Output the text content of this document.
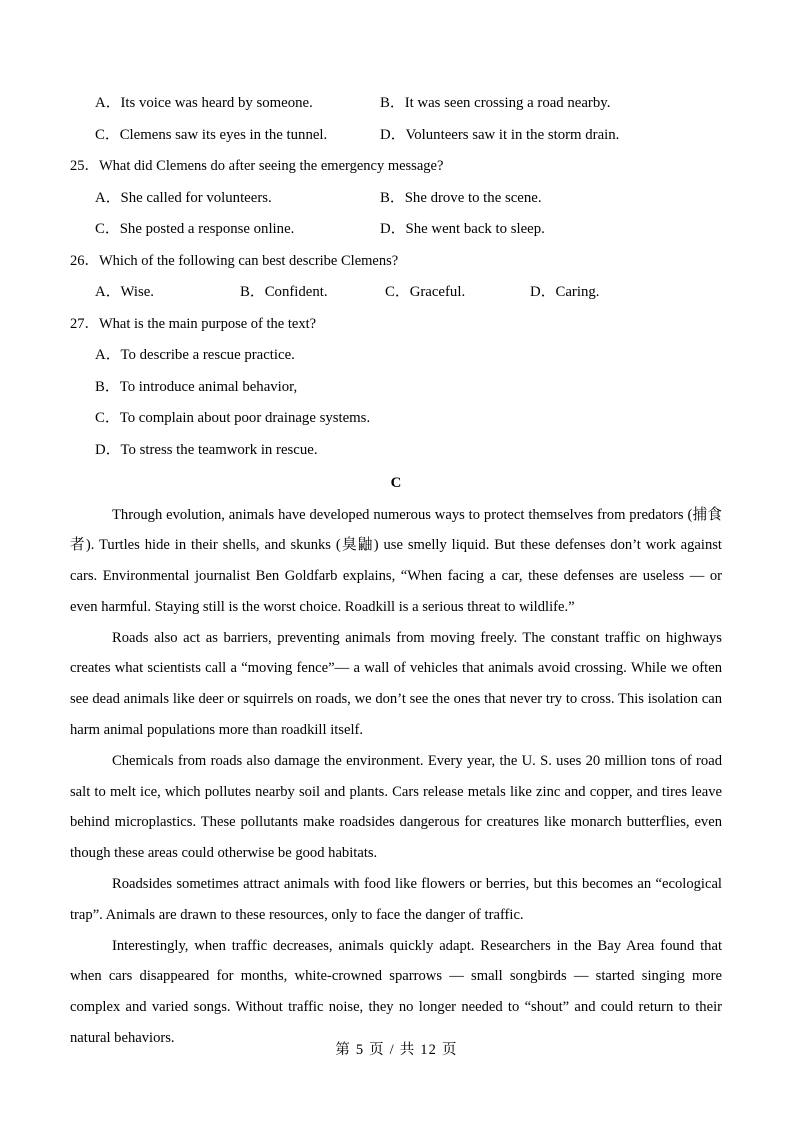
A．Its voice was heard by someone.	B．It was seen crossing a road nearby.
C．Clemens saw its eyes in the tunnel.	D．Volunteers saw it in the storm drain.
25．What did Clemens do after seeing the emergency message?
A．She called for volunteers.	B．She drove to the scene.
C．She posted a response online.	D．She went back to sleep.
26．Which of the following can best describe Clemens?
A．Wise.	B．Confident.	C．Graceful.	D．Caring.
27．What is the main purpose of the text?
A．To describe a rescue practice.
B．To introduce animal behavior,
C．To complain about poor drainage systems.
D．To stress the teamwork in rescue.
C

Through evolution, animals have developed numerous ways to protect themselves from predators (捕食者). Turtles hide in their shells, and skunks (臭鼬) use smelly liquid. But these defenses don’t work against cars. Environmental journalist Ben Goldfarb explains, “When facing a car, these defenses are useless — or even harmful. Staying still is the worst choice. Roadkill is a serious threat to wildlife.”

Roads also act as barriers, preventing animals from moving freely. The constant traffic on highways creates what scientists call a “moving fence”— a wall of vehicles that animals avoid crossing. While we often see dead animals like deer or squirrels on roads, we don’t see the ones that never try to cross. This isolation can harm animal populations more than roadkill itself.

Chemicals from roads also damage the environment. Every year, the U. S. uses 20 million tons of road salt to melt ice, which pollutes nearby soil and plants. Cars release metals like zinc and copper, and tires leave behind microplastics. These pollutants make roadsides dangerous for creatures like monarch butterflies, even though these areas could otherwise be good habitats.

Roadsides sometimes attract animals with food like flowers or berries, but this becomes an “ecological trap”. Animals are drawn to these resources, only to face the danger of traffic.

Interestingly, when traffic decreases, animals quickly adapt. Researchers in the Bay Area found that when cars disappeared for months, white-crowned sparrows — small songbirds — started singing more complex and varied songs. Without traffic noise, they no longer needed to “shout” and could return to their natural behaviors.

第 5 页 / 共 12 页
